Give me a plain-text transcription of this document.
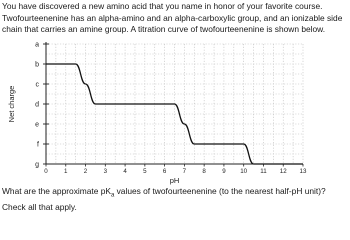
You have discovered a new amino acid that you name in honor of your favorite course. Twofourteenenine has an alpha-amino and an alpha-carboxylic group, and an ionizable side chain that carries an amine group. A titration curve of twofourteenenine is shown below.
0	1	2	3	4	5	6	7	8	9 10 11 12 13
a
b
c
d
e
f
g
pH
Net charge
What are the approximate $pK_a$ values of twofourteenenine (to the nearest half-pH unit)? Check all that apply.
